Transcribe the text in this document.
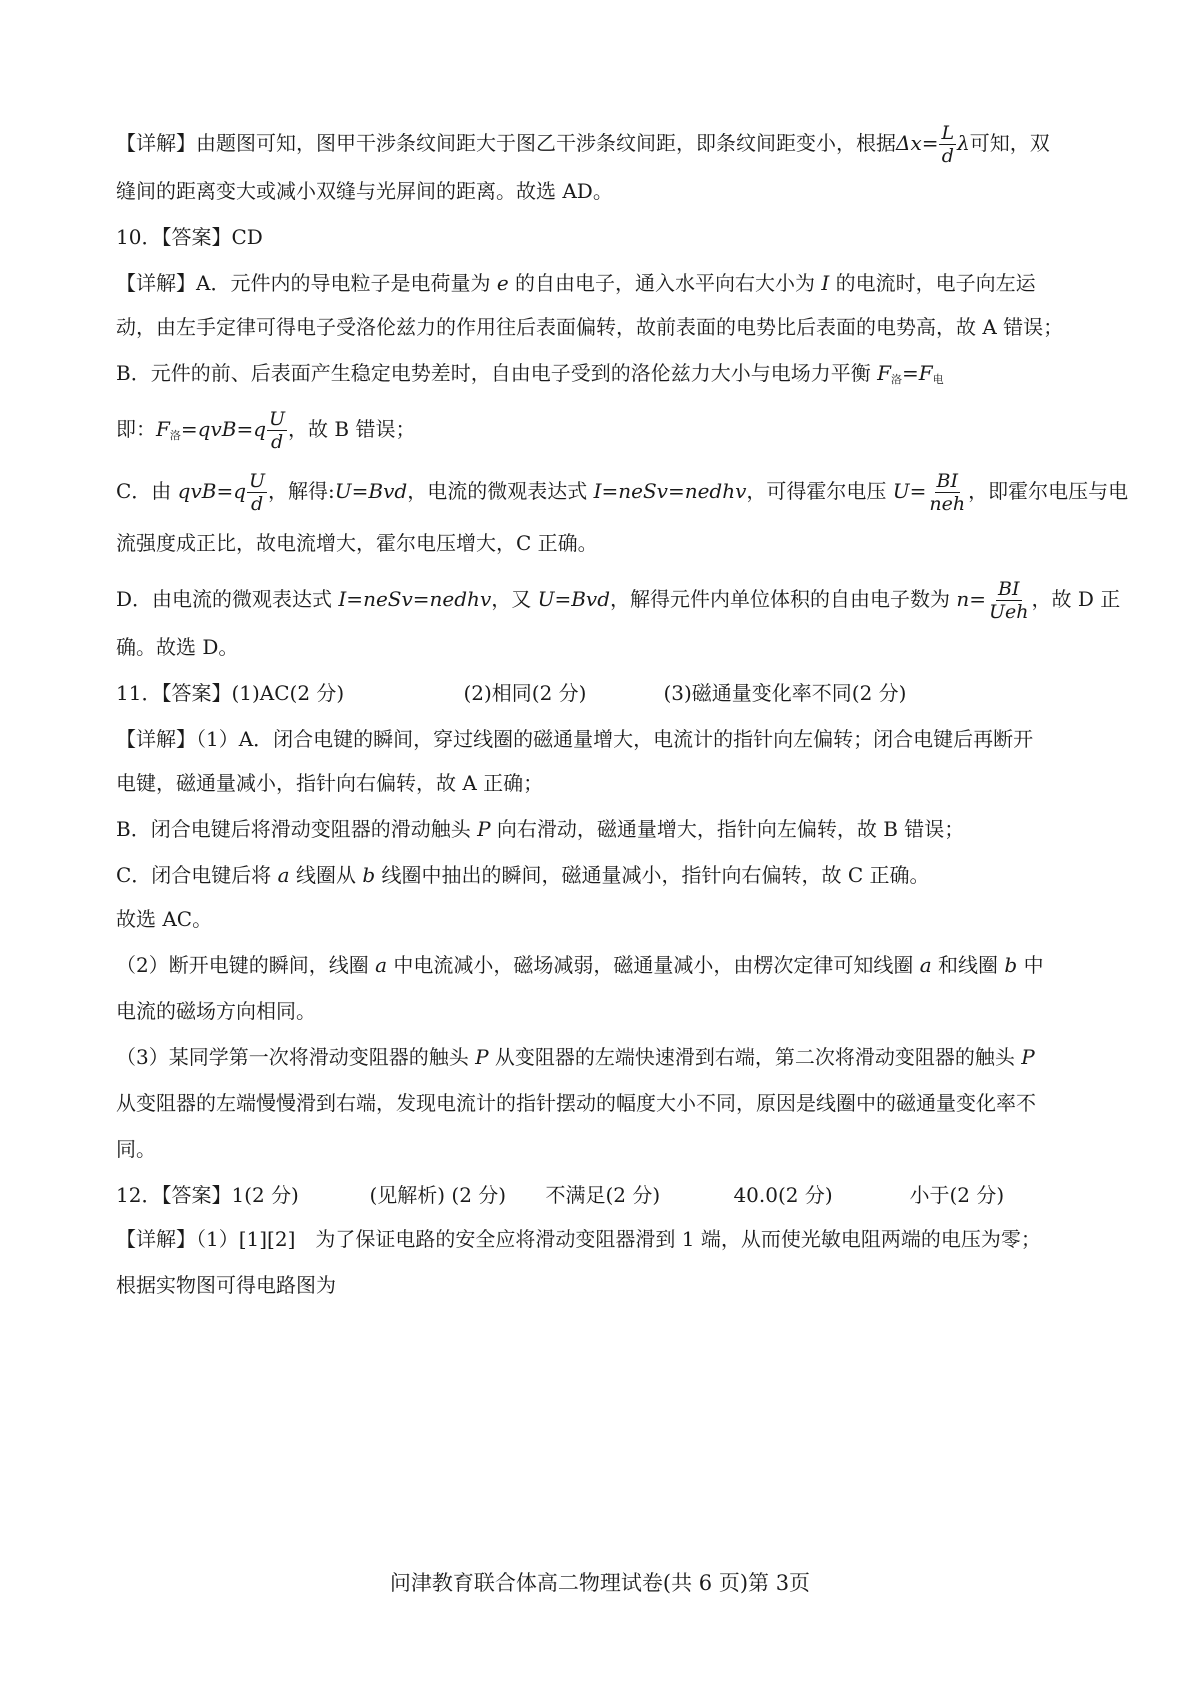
【详解】由题图可知，图甲干涉条纹间距大于图乙干涉条纹间距，即条纹间距变小，根据$\Delta x= \frac{L}{d}$ λ可知，双
缝间的距离变大或减小双缝与光屏间的距离。故选 AD。
10．【答案】CD
【详解】A．元件内的导电粒子是电荷量为 e 的自由电子，通入水平向右大小为 I 的电流时，电子向左运
动，由左手定律可得电子受洛伦兹力的作用往后表面偏转，故前表面的电势比后表面的电势高，故 A 错误；
B．元件的前、后表面产生稳定电势差时，自由电子受到的洛伦兹力大小与电场力平衡 $F_洛=F_电$
即：$F_洛=qvB=q \frac{U}{d}$ ，故 B 错误；
C．由 $qvB=q \frac{U}{d}$ ，解得:U=Bvd，电流的微观表达式 I=neSv=nedhv，可得霍尔电压 $U= \frac{BI}{\text{neh}}$ ，即霍尔电压与电
流强度成正比，故电流增大，霍尔电压增大，C 正确。
D．由电流的微观表达式 I=neSv=nedhv，又 U=Bvd，解得元件内单位体积的自由电子数为 $n= \frac{BI}{\text{Ueh}}$ ，故 D 正
确。故选 D。
11．【答案】(1)AC(2 分)	(2)相同(2 分)	(3)磁通量变化率不同(2 分)
【详解】（1）A．闭合电键的瞬间，穿过线圈的磁通量增大，电流计的指针向左偏转；闭合电键后再断开
电键，磁通量减小，指针向右偏转，故 A 正确；
B．闭合电键后将滑动变阻器的滑动触头 P 向右滑动，磁通量增大，指针向左偏转，故 B 错误；
C．闭合电键后将 a 线圈从 b 线圈中抽出的瞬间，磁通量减小，指针向右偏转，故 C 正确。
故选 AC。
（2）断开电键的瞬间，线圈 a 中电流减小，磁场减弱，磁通量减小，由楞次定律可知线圈 a 和线圈 b 中
电流的磁场方向相同。
（3）某同学第一次将滑动变阻器的触头 P 从变阻器的左端快速滑到右端，第二次将滑动变阻器的触头 P
从变阻器的左端慢慢滑到右端，发现电流计的指针摆动的幅度大小不同，原因是线圈中的磁通量变化率不
同。
12．【答案】1(2 分)	(见解析) (2 分) 不满足(2 分)	40.0(2 分)	小于(2 分)
【详解】（1）[1][2]　为了保证电路的安全应将滑动变阻器滑到 1 端，从而使光敏电阻两端的电压为零；
根据实物图可得电路图为
问津教育联合体高二物理试卷(共 6 页)第 3页
